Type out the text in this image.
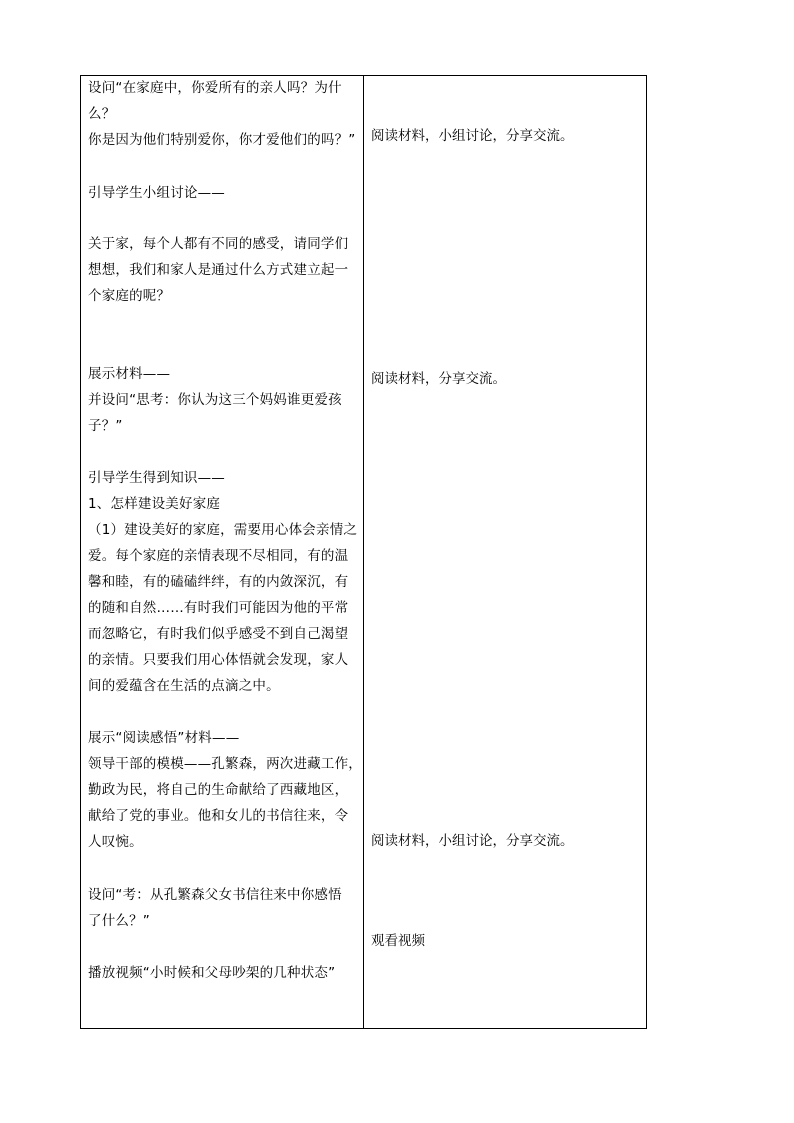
设问“在家庭中，你爱所有的亲人吗？为什
么？
你是因为他们特别爱你，你才爱他们的吗？”
引导学生小组讨论——
关于家，每个人都有不同的感受，请同学们
想想，我们和家人是通过什么方式建立起一
个家庭的呢？
展示材料——
并设问“思考：你认为这三个妈妈谁更爱孩
子？”
引导学生得到知识——
1、怎样建设美好家庭
（1）建设美好的家庭，需要用心体会亲情之
爱。每个家庭的亲情表现不尽相同，有的温
馨和睦，有的磕磕绊绊，有的内敛深沉，有
的随和自然……有时我们可能因为他的平常
而忽略它，有时我们似乎感受不到自己渴望
的亲情。只要我们用心体悟就会发现，家人
间的爱蕴含在生活的点滴之中。
展示“阅读感悟”材料——
领导干部的模模——孔繁森，两次进藏工作，
勤政为民，将自己的生命献给了西藏地区，
献给了党的事业。他和女儿的书信往来，令
人叹惋。
设问“考：从孔繁森父女书信往来中你感悟
了什么？”
播放视频“小时候和父母吵架的几种状态”
阅读材料，小组讨论，分享交流。
阅读材料，分享交流。
阅读材料，小组讨论，分享交流。
观看视频
